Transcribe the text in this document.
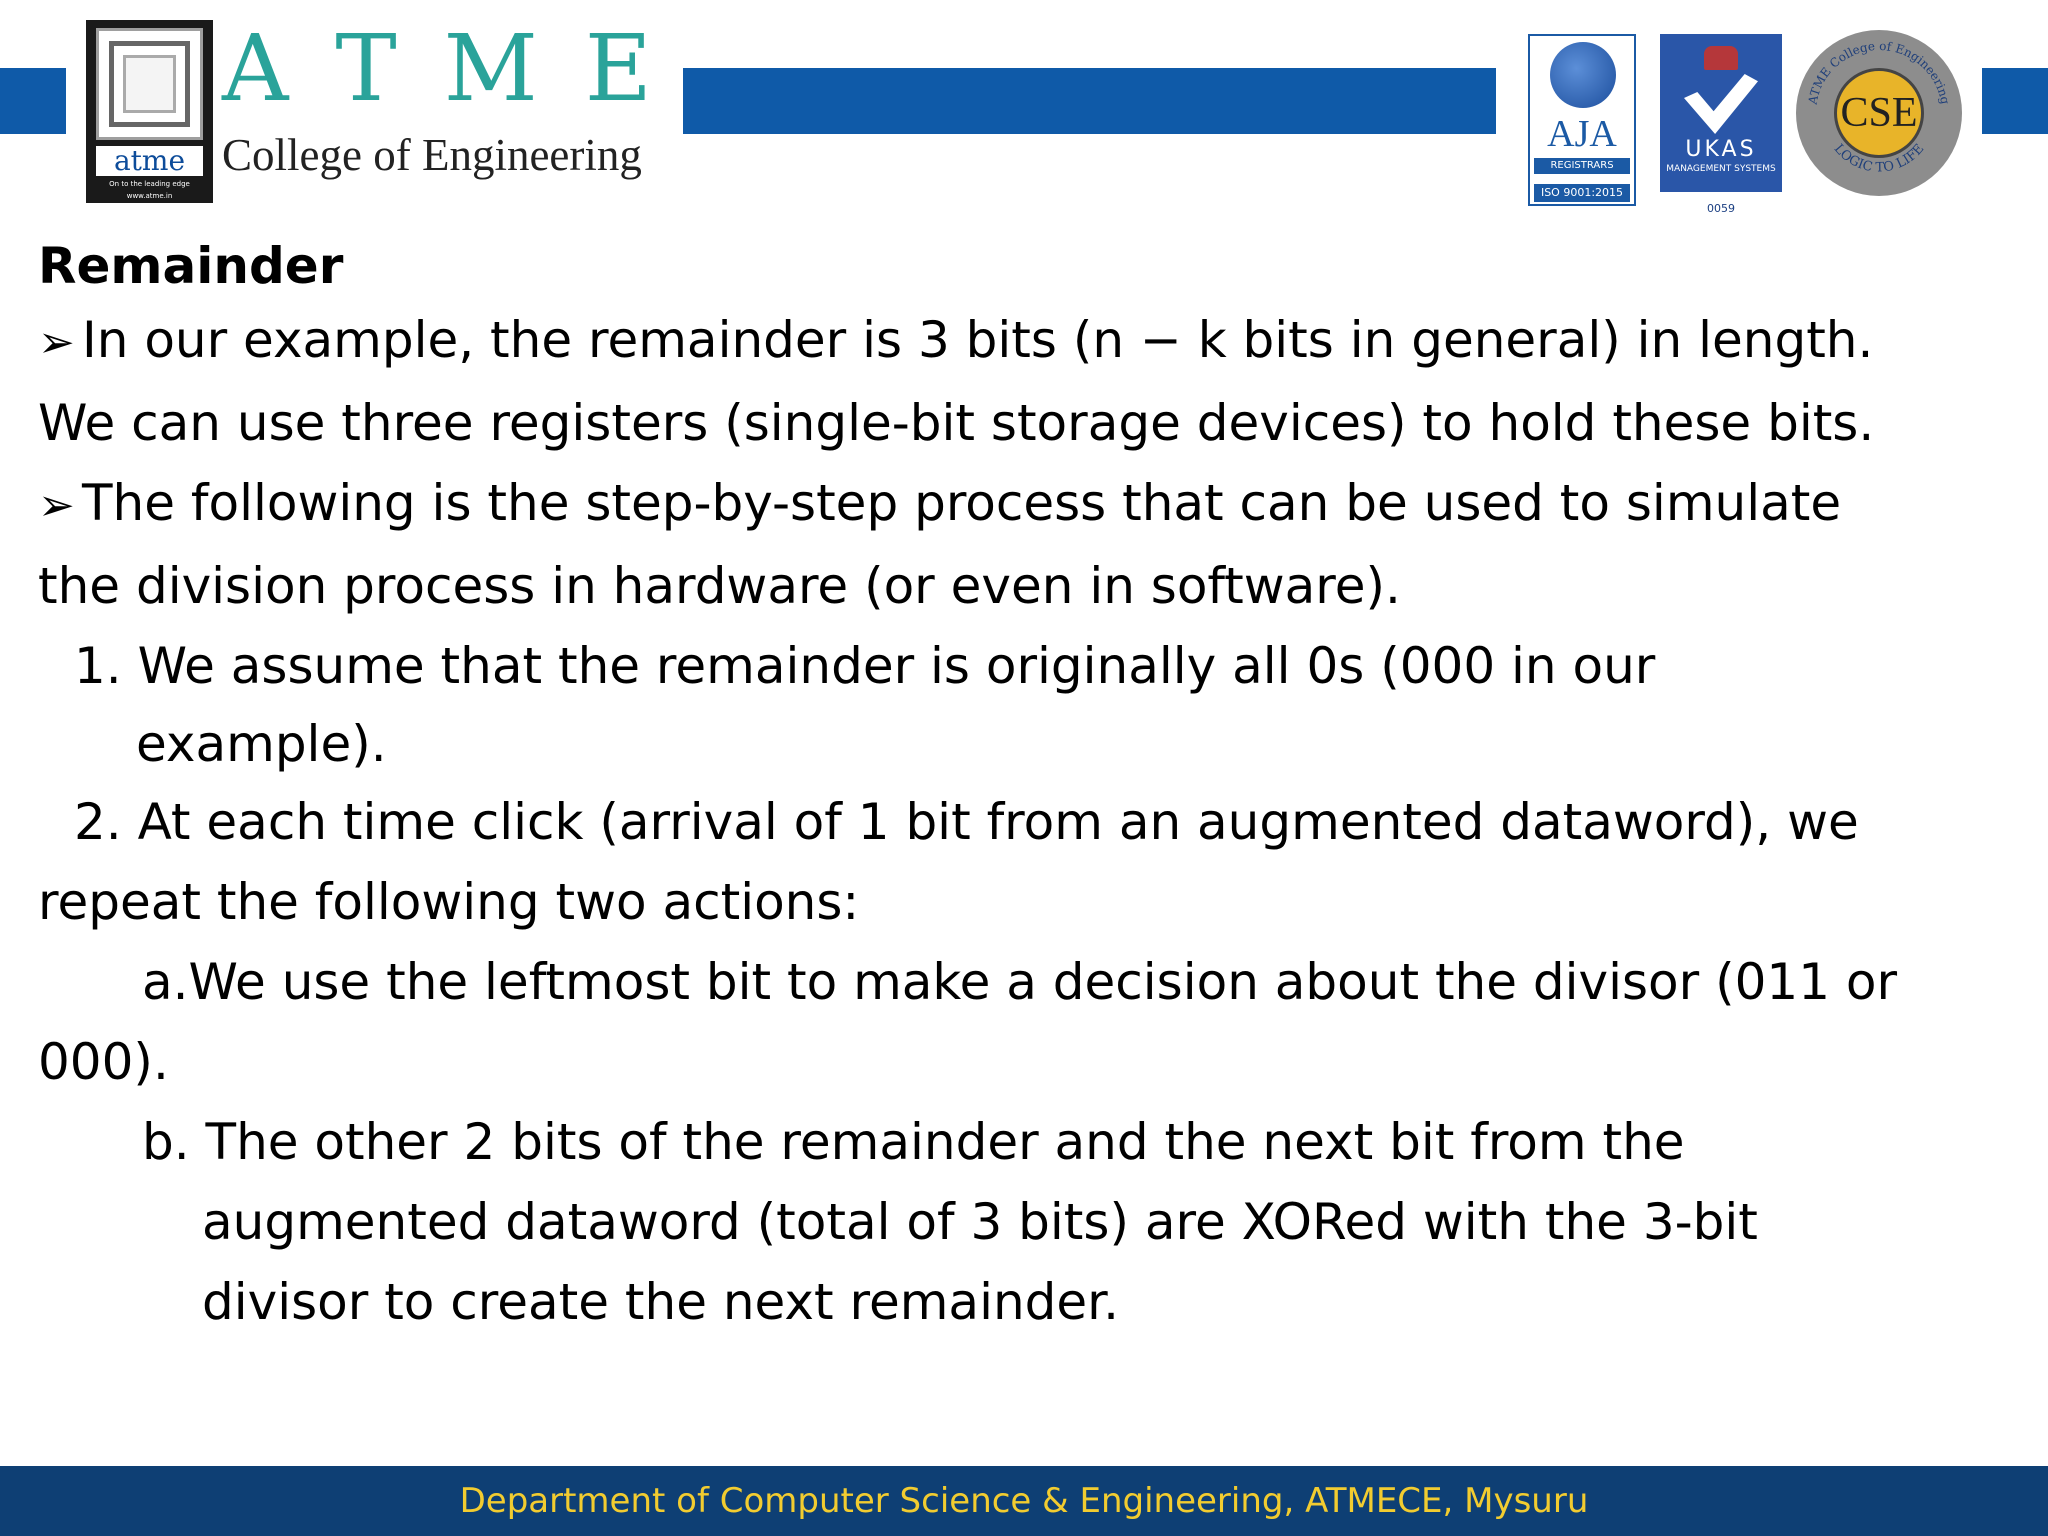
atme
On to the leading edge
www.atme.in
A T M E
College of Engineering	AJA
REGISTRARS
ISO 9001:2015
UKAS
MANAGEMENT SYSTEMS
0059
ATME College of Engineering
LOGIC TO LIFE
CSE
Remainder
➢ In our example, the remainder is 3 bits (n − k bits in general) in length.
We can use three registers (single-bit storage devices) to hold these bits.
➢ The following is the step-by-step process that can be used to simulate
the division process in hardware (or even in software).
1. We assume that the remainder is originally all 0s (000 in our
example).
2. At each time click (arrival of 1 bit from an augmented dataword), we
repeat the following two actions:
a.We use the leftmost bit to make a decision about the divisor (011 or
000).
b. The other 2 bits of the remainder and the next bit from the
augmented dataword (total of 3 bits) are XORed with the 3-bit
divisor to create the next remainder.
Department of Computer Science & Engineering, ATMECE, Mysuru
